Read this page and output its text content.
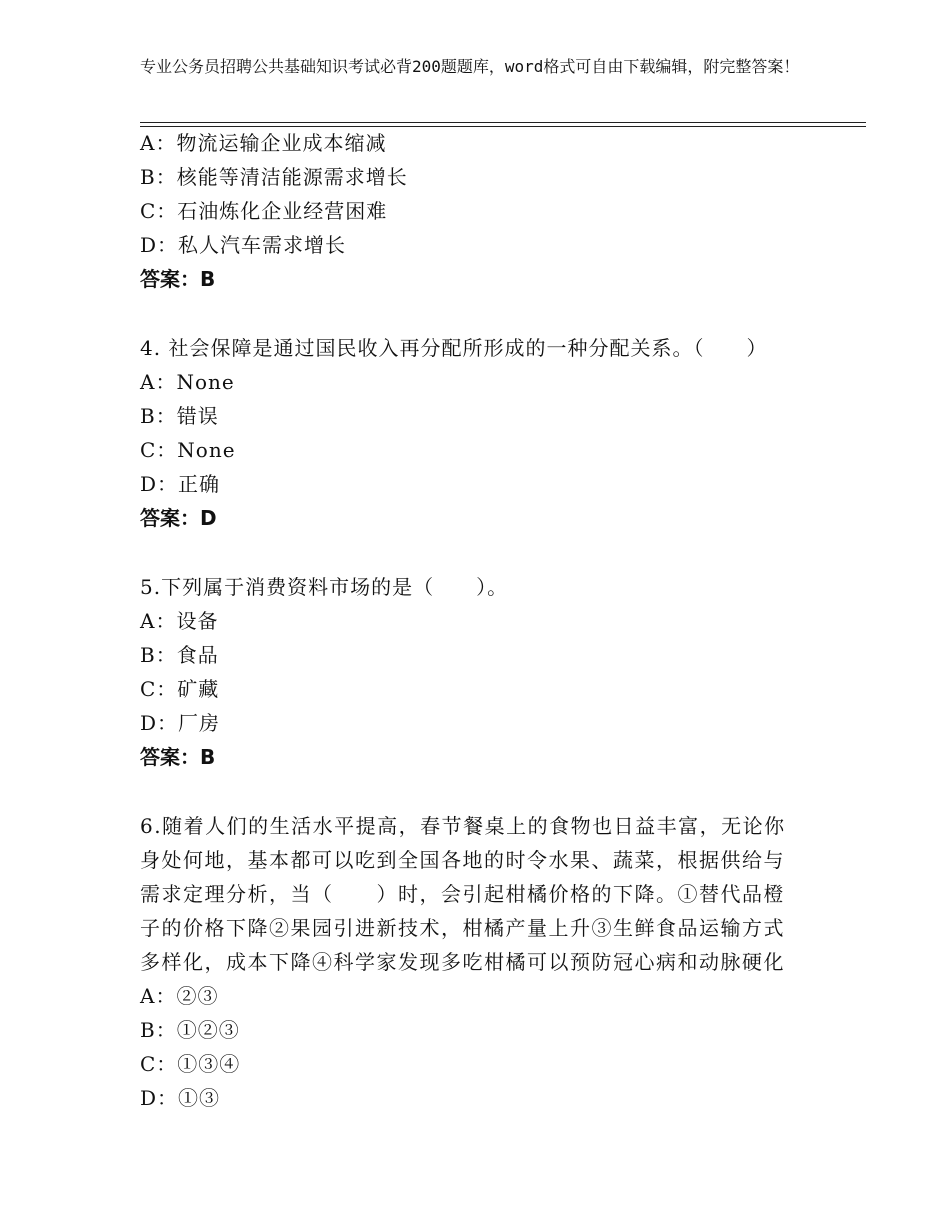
专业公务员招聘公共基础知识考试必背200题题库，word格式可自由下载编辑，附完整答案！
A：物流运输企业成本缩减
B：核能等清洁能源需求增长
C：石油炼化企业经营困难
D：私人汽车需求增长
答案：B
4. 社会保障是通过国民收入再分配所形成的一种分配关系。（　　）
A：None
B：错误
C：None
D：正确
答案：D
5.下列属于消费资料市场的是（　　）。
A：设备
B：食品
C：矿藏
D：厂房
答案：B
6.随着人们的生活水平提高，春节餐桌上的食物也日益丰富，无论你身处何地，基本都可以吃到全国各地的时令水果、蔬菜，根据供给与需求定理分析，当（　　）时，会引起柑橘价格的下降。①替代品橙子的价格下降②果园引进新技术，柑橘产量上升③生鲜食品运输方式多样化，成本下降④科学家发现多吃柑橘可以预防冠心病和动脉硬化
A：②③
B：①②③
C：①③④
D：①③
